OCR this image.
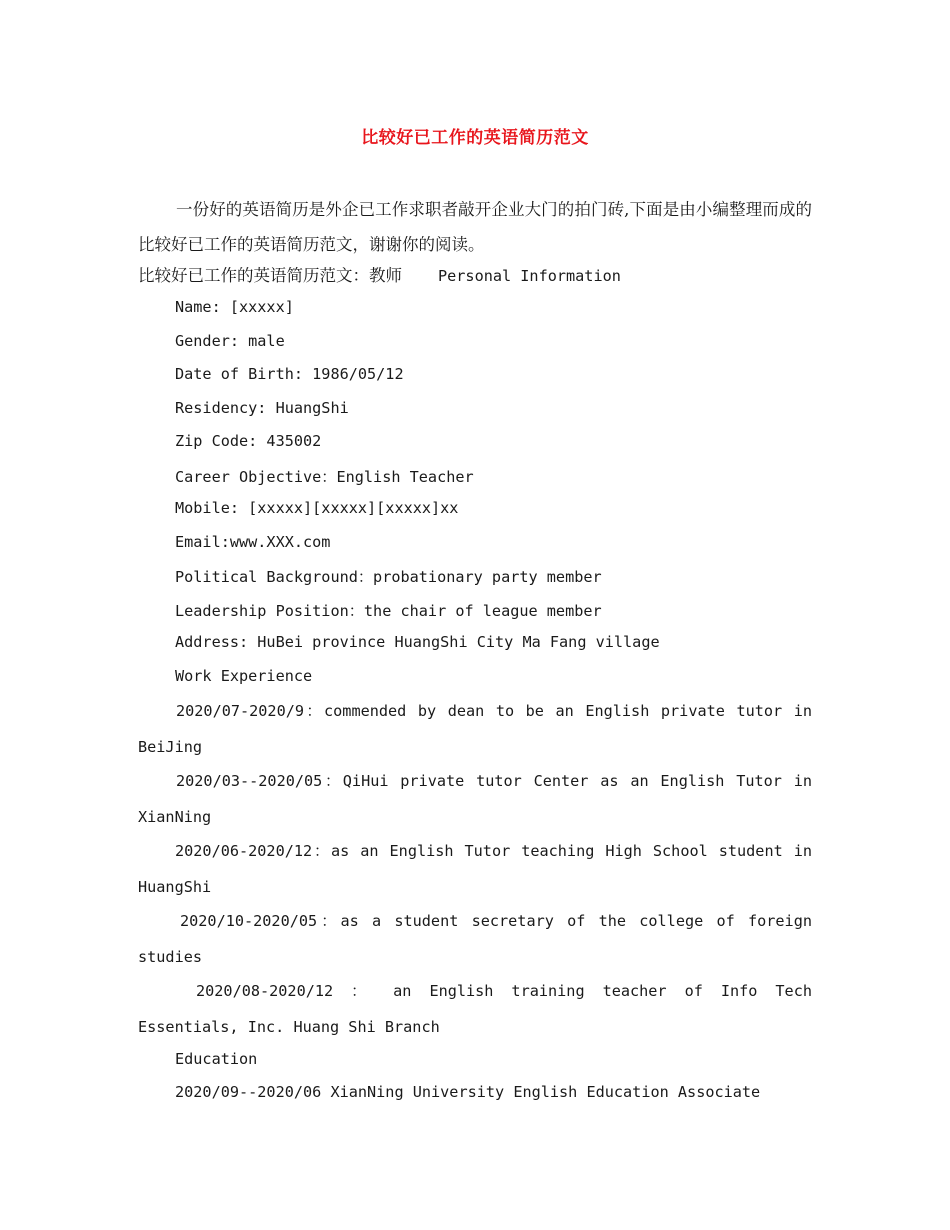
比较好已工作的英语简历范文
一份好的英语简历是外企已工作求职者敲开企业大门的拍门砖,下面是由小编整理而成的比较好已工作的英语简历范文，谢谢你的阅读。
比较好已工作的英语简历范文：教师 Personal Information
Name: [xxxxx]
Gender: male
Date of Birth: 1986/05/12
Residency: HuangShi
Zip Code: 435002
Career Objective：English Teacher
Mobile: [xxxxx][xxxxx][xxxxx]xx
Email:www.XXX.com
Political Background：probationary party member
Leadership Position：the chair of league member
Address: HuBei province HuangShi City Ma Fang village
Work Experience
2020/07-2020/9：commended by dean to be an English private tutor in
BeiJing
2020/03--2020/05：QiHui private tutor Center as an English Tutor in
XianNing
2020/06-2020/12：as an English Tutor teaching High School student in
HuangShi
2020/10-2020/05：as a student secretary of the college of foreign
studies
2020/08-2020/12 ： an English training teacher of Info Tech
Essentials, Inc. Huang Shi Branch
Education
2020/09--2020/06 XianNing University English Education Associate
